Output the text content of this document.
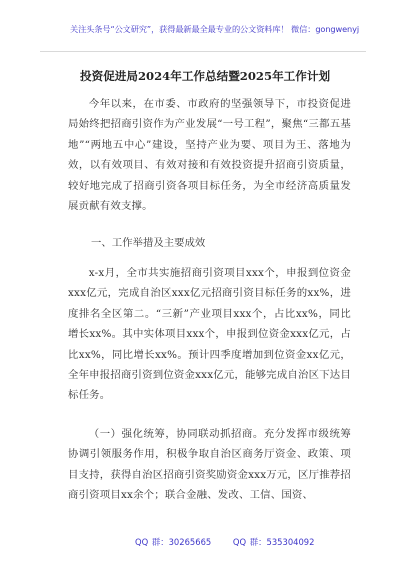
关注头条号“公文研究”，获得最新最全最专业的公文资料库！ 微信：gongwenyj
投资促进局2024年工作总结暨2025年工作计划
今年以来，在市委、市政府的坚强领导下，市投资促进局始终把招商引资作为产业发展“一号工程”，聚焦“三都五基地”“两地五中心”建设，坚持产业为要、项目为王、落地为效，以有效项目、有效对接和有效投资提升招商引资质量，较好地完成了招商引资各项目标任务，为全市经济高质量发展贡献有效支撑。
一、工作举措及主要成效
x-x月，全市共实施招商引资项目xxx个，申报到位资金xxx亿元，完成自治区xxx亿元招商引资目标任务的xx%，进度排名全区第二。“三新”产业项目xxx个，占比xx%，同比增长xx%。其中实体项目xxx个，申报到位资金xxx亿元，占比xx%，同比增长xx%。预计四季度增加到位资金xx亿元，全年申报招商引资到位资金xxx亿元，能够完成自治区下达目标任务。
（一）强化统筹，协同联动抓招商。充分发挥市级统筹协调引领服务作用，积极争取自治区商务厅资金、政策、项目支持，获得自治区招商引资奖励资金xxx万元，区厅推荐招商引资项目xx余个；联合金融、发改、工信、国资、
QQ 群：30265665	QQ 群：535304092
